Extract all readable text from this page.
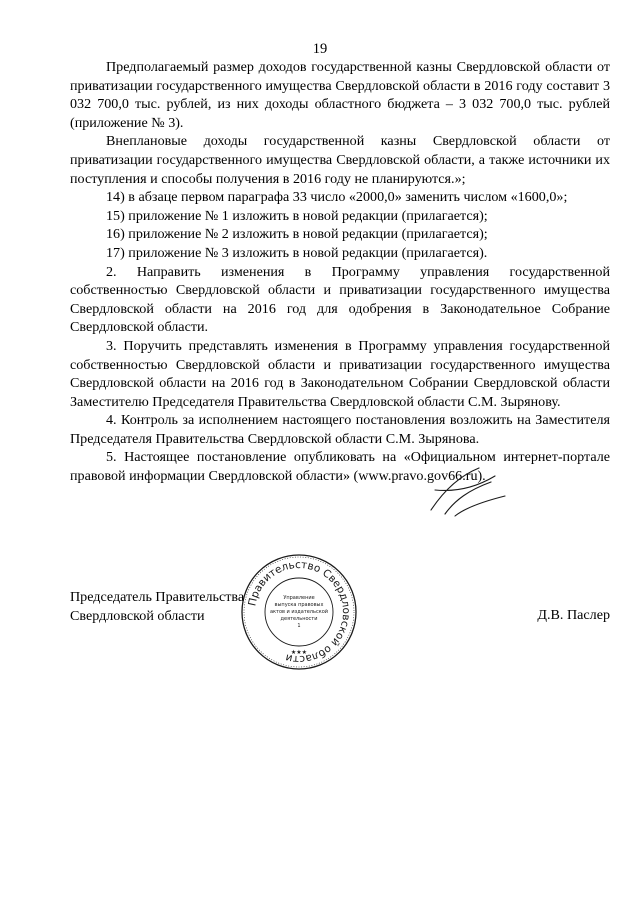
19

Предполагаемый размер доходов государственной казны Свердловской области от приватизации государственного имущества Свердловской области в 2016 году составит 3 032 700,0 тыс. рублей, из них доходы областного бюджета – 3 032 700,0 тыс. рублей (приложение № 3).

Внеплановые доходы государственной казны Свердловской области от приватизации государственного имущества Свердловской области, а также источники их поступления и способы получения в 2016 году не планируются.»;

14) в абзаце первом параграфа 33 число «2000,0» заменить числом «1600,0»;

15) приложение № 1 изложить в новой редакции (прилагается);

16) приложение № 2 изложить в новой редакции (прилагается);

17) приложение № 3 изложить в новой редакции (прилагается).

2. Направить изменения в Программу управления государственной собственностью Свердловской области и приватизации государственного имущества Свердловской области на 2016 год для одобрения в Законодательное Собрание Свердловской области.

3. Поручить представлять изменения в Программу управления государственной собственностью Свердловской области и приватизации государственного имущества Свердловской области на 2016 год в Законодательном Собрании Свердловской области Заместителю Председателя Правительства Свердловской области С.М. Зырянову.

4. Контроль за исполнением настоящего постановления возложить на Заместителя Председателя Правительства Свердловской области С.М. Зырянова.

5. Настоящее постановление опубликовать на «Официальном интернет-портале правовой информации Свердловской области» (www.pravo.gov66.ru).

Председатель Правительства
Свердловской области	Д.В. Паслер
Правительство Свердловской области
Управление
выпуска правовых
актов и издательской
деятельности
1
★★★
